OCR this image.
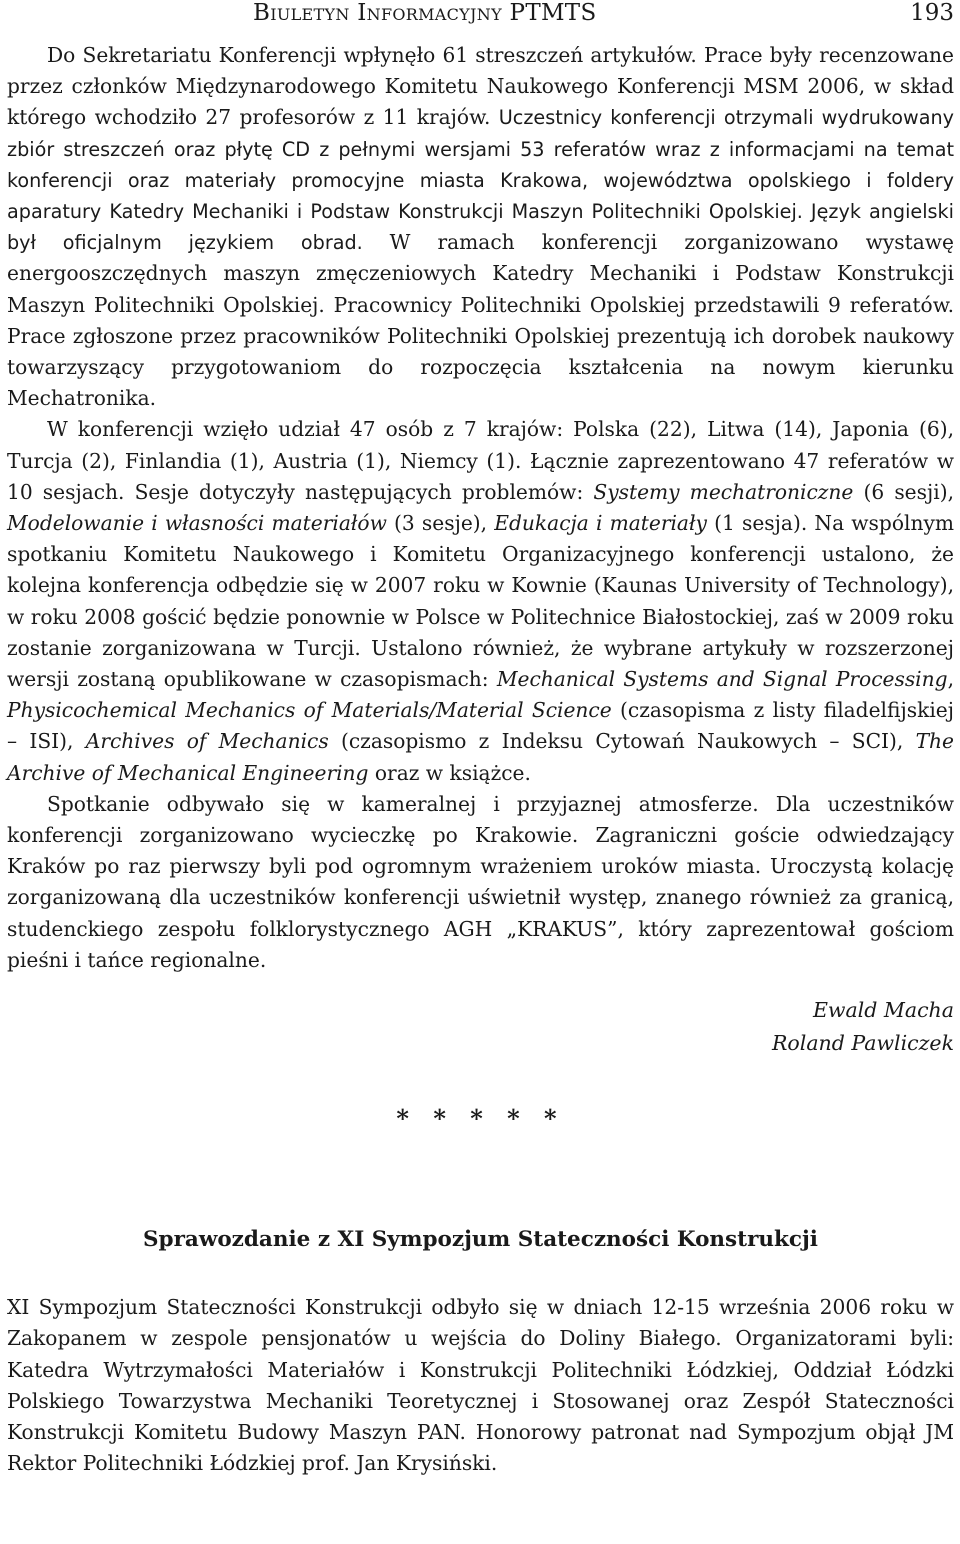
Biuletyn Informacyjny PTMTS	193

Do Sekretariatu Konferencji wpłynęło 61 streszczeń artykułów. Prace były recenzowane przez członków Międzynarodowego Komitetu Naukowego Konferencji MSM 2006, w skład którego wchodziło 27 profesorów z 11 krajów. Uczestnicy konferencji otrzymali wydrukowany zbiór streszczeń oraz płytę CD z pełnymi wersjami 53 referatów wraz z informacjami na temat konferencji oraz materiały promocyjne miasta Krakowa, województwa opolskiego i foldery aparatury Katedry Mechaniki i Podstaw Konstrukcji Maszyn Politechniki Opolskiej. Język angielski był oficjalnym językiem obrad. W ramach konferencji zorganizowano wystawę energooszczędnych maszyn zmęczeniowych Katedry Mechaniki i Podstaw Konstrukcji Maszyn Politechniki Opolskiej. Pracownicy Politechniki Opolskiej przedstawili 9 referatów. Prace zgłoszone przez pracowników Politechniki Opolskiej prezentują ich dorobek naukowy towarzyszący przygotowaniom do rozpoczęcia kształcenia na nowym kierunku Mechatronika.

W konferencji wzięło udział 47 osób z 7 krajów: Polska (22), Litwa (14), Japonia (6), Turcja (2), Finlandia (1), Austria (1), Niemcy (1). Łącznie zaprezentowano 47 referatów w 10 sesjach. Sesje dotyczyły następujących problemów: Systemy mechatroniczne (6 sesji), Modelowanie i własności materiałów (3 sesje), Edukacja i materiały (1 sesja). Na wspólnym spotkaniu Komitetu Naukowego i Komitetu Organizacyjnego konferencji ustalono, że kolejna konferencja odbędzie się w 2007 roku w Kownie (Kaunas University of Technology), w roku 2008 gościć będzie ponownie w Polsce w Politechnice Białostockiej, zaś w 2009 roku zostanie zorganizowana w Turcji. Ustalono również, że wybrane artykuły w rozszerzonej wersji zostaną opublikowane w czasopismach: Mechanical Systems and Signal Processing, Physicochemical Mechanics of Materials/Material Science (czasopisma z listy filadelfijskiej – ISI), Archives of Mechanics (czasopismo z Indeksu Cytowań Naukowych – SCI), The Archive of Mechanical Engineering oraz w książce.

Spotkanie odbywało się w kameralnej i przyjaznej atmosferze. Dla uczestników konferencji zorganizowano wycieczkę po Krakowie. Zagraniczni goście odwiedzający Kraków po raz pierwszy byli pod ogromnym wrażeniem uroków miasta. Uroczystą kolację zorganizowaną dla uczestników konferencji uświetnił występ, znanego również za granicą, studenckiego zespołu folklorystycznego AGH „KRAKUS”, który zaprezentował gościom pieśni i tańce regionalne.

Ewald Macha
Roland Pawliczek
* * * * *
Sprawozdanie z XI Sympozjum Stateczności Konstrukcji

XI Sympozjum Stateczności Konstrukcji odbyło się w dniach 12-15 września 2006 roku w Zakopanem w zespole pensjonatów u wejścia do Doliny Białego. Organizatorami byli: Katedra Wytrzymałości Materiałów i Konstrukcji Politechniki Łódzkiej, Oddział Łódzki Polskiego Towarzystwa Mechaniki Teoretycznej i Stosowanej oraz Zespół Stateczności Konstrukcji Komitetu Budowy Maszyn PAN. Honorowy patronat nad Sympozjum objął JM Rektor Politechniki Łódzkiej prof. Jan Krysiński.
